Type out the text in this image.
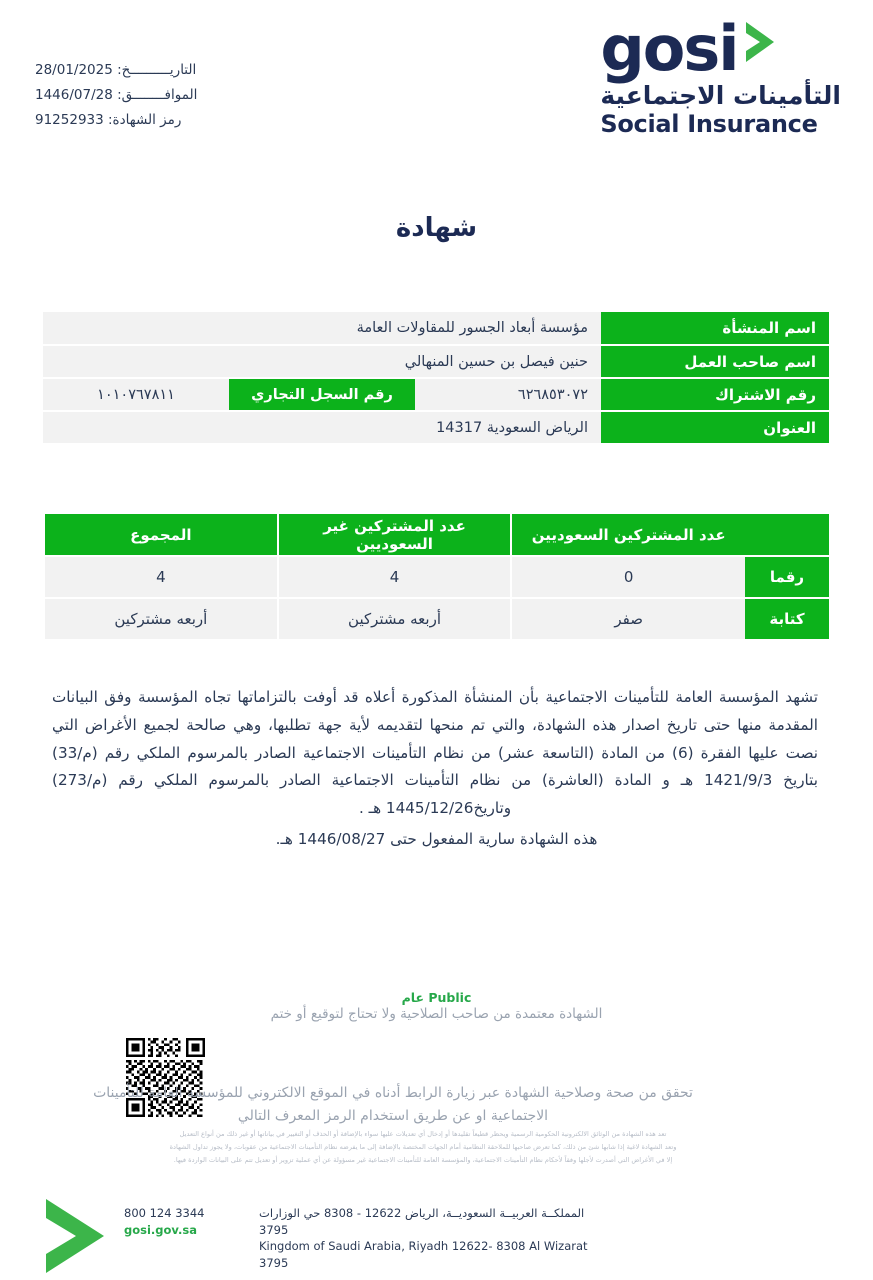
gosi
التأمينات الاجتماعية
Social Insurance
التاريــــــــــخ: 28/01/2025
الموافــــــــق: 1446/07/28
رمز الشهادة: 91252933
شهادة
اسم المنشأة	مؤسسة أبعاد الجسور للمقاولات العامة		
اسم صاحب العمل	حنين فيصل بن حسين المنهالي		
رقم الاشتراك	٦٢٦٨٥٣٠٧٢	رقم السجل التجاري	١٠١٠٧٦٧٨١١
العنوان	الرياض السعودية 14317		
	عدد المشتركين السعوديين	عدد المشتركين غير السعوديين	المجموع
رقما	0	4	4
كتابة	صفر	أربعه مشتركين	أربعه مشتركين
تشهد المؤسسة العامة للتأمينات الاجتماعية بأن المنشأة المذكورة أعلاه قد أوفت بالتزاماتها تجاه المؤسسة وفق البيانات المقدمة منها حتى تاريخ اصدار هذه الشهادة، والتي تم منحها لتقديمه لأية جهة تطلبها، وهي صالحة لجميع الأغراض التي نصت عليها الفقرة (6) من المادة (التاسعة عشر) من نظام التأمينات الاجتماعية الصادر بالمرسوم الملكي رقم (م/33) بتاريخ 1421/9/3 هـ و المادة (العاشرة) من نظام التأمينات الاجتماعية الصادر بالمرسوم الملكي رقم (م/273) وتاريخ1445/12/26 هـ .
هذه الشهادة سارية المفعول حتى 1446/08/27 هـ.
Public عام
الشهادة معتمدة من صاحب الصلاحية ولا تحتاج لتوقيع أو ختم
تحقق من صحة وصلاحية الشهادة عبر زيارة الرابط أدناه في الموقع الالكتروني للمؤسسة العامة للتأمينات الاجتماعية او عن طريق استخدام الرمز المعرف التالي
تعد هذه الشهادة من الوثائق الالكترونية الحكومية الرسمية ويحظر قطيعاً تقليدها أو إدخال أي تعديلات عليها سواء بالإضافة أو الحذف أو التغيير في بياناتها أو غير ذلك من أنواع التعديل
وتعد الشهادة لاغية إذا شابها شئ من ذلك، كما تعرض صاحبها للملاحقة النظامية أمام الجهات المختصة بالإضافة إلى ما يفرضه نظام التأمينات الاجتماعية من عقوبات، ولا يجوز تداول الشهادة
إلا في الأغراض التي أصدرت لأجلها وفقاً لأحكام نظام التأمينات الاجتماعية، والمؤسسة العامة للتأمينات الاجتماعية غير مسؤولة عن أي عملية تزوير أو تعديل تتم على البيانات الواردة فيها.
المملكــة العربيــة السعوديــة، الرياض 12622 - 8308 حي الوزارات 3795
Kingdom of Saudi Arabia, Riyadh 12622- 8308 Al Wizarat 3795
800 124 3344
gosi.gov.sa
